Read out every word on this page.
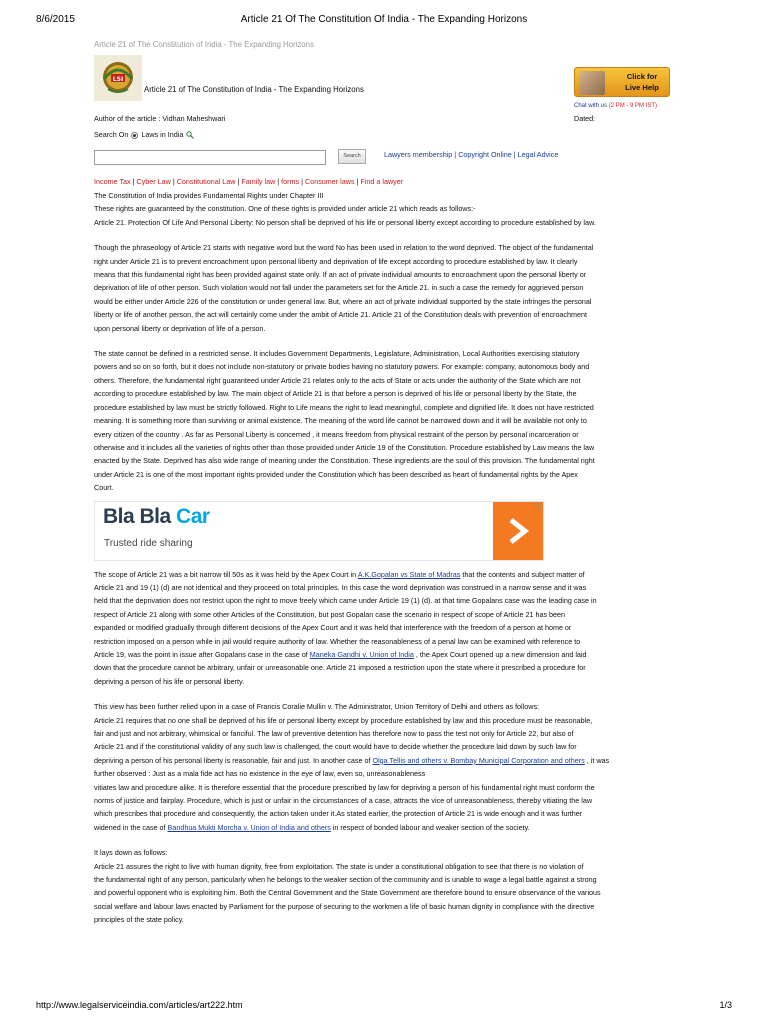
8/6/2015	Article 21 Of The Constitution Of India - The Expanding Horizons
Article 21 of The Constitution of India - The Expanding Horizons
LSI
Article 21 of The Constitution of India - The Expanding Horizons
Click for
Live Help
Chat with us (2 PM - 9 PM IST)
Author of the article : Vidhan Maheshwari	Dated:
Search On Laws in India
Search	Lawyers membership | Copyright Online | Legal Advice
Income Tax | Cyber Law | Constitutional Law | Family law | forms | Consumer laws | Find a lawyer

The Constitution of India provides Fundamental Rights under Chapter III

These rights are guaranteed by the constitution. One of these rights is provided under article 21 which reads as follows:-

Article 21. Protection Of Life And Personal Liberty: No person shall be deprived of his life or personal liberty except according to procedure established by law.

Though the phraseology of Article 21 starts with negative word but the word No has been used in relation to the word deprived. The object of the fundamental

right under Article 21 is to prevent encroachment upon personal liberty and deprivation of life except according to procedure established by law. It clearly

means that this fundamental right has been provided against state only. If an act of private individual amounts to encroachment upon the personal liberty or

deprivation of life of other person. Such violation would not fall under the parameters set for the Article 21. in such a case the remedy for aggrieved person

would be either under Article 226 of the constitution or under general law. But, where an act of private individual supported by the state infringes the personal

liberty or life of another person, the act will certainly come under the ambit of Article 21. Article 21 of the Constitution deals with prevention of encroachment

upon personal liberty or deprivation of life of a person.

The state cannot be defined in a restricted sense. It includes Government Departments, Legislature, Administration, Local Authorities exercising statutory

powers and so on so forth, but it does not include non-statutory or private bodies having no statutory powers. For example: company, autonomous body and

others. Therefore, the fundamental right guaranteed under Article 21 relates only to the acts of State or acts under the authority of the State which are not

according to procedure established by law. The main object of Article 21 is that before a person is deprived of his life or personal liberty by the State, the

procedure established by law must be strictly followed. Right to Life means the right to lead meaningful, complete and dignified life. It does not have restricted

meaning. It is something more than surviving or animal existence. The meaning of the word life cannot be narrowed down and it will be available not only to

every citizen of the country . As far as Personal Liberty is concerned , it means freedom from physical restraint of the person by personal incarceration or

otherwise and it includes all the varieties of rights other than those provided under Article 19 of the Constitution. Procedure established by Law means the law

enacted by the State. Deprived has also wide range of meaning under the Constitution. These ingredients are the soul of this provision. The fundamental right

under Article 21 is one of the most important rights provided under the Constitution which has been described as heart of fundamental rights by the Apex

Court.

Bla Bla Car
Trusted ride sharing
ⓘ

The scope of Article 21 was a bit narrow till 50s as it was held by the Apex Court in A.K.Gopalan vs State of Madras that the contents and subject matter of

Article 21 and 19 (1) (d) are not identical and they proceed on total principles. In this case the word deprivation was construed in a narrow sense and it was

held that the deprivation does not restrict upon the right to move freely which came under Article 19 (1) (d). at that time Gopalans case was the leading case in

respect of Article 21 along with some other Articles of the Constitution, but post Gopalan case the scenario in respect of scope of Article 21 has been

expanded or modified gradually through different decisions of the Apex Court and it was held that interference with the freedom of a person at home or

restriction imposed on a person while in jail would require authority of law. Whether the reasonableness of a penal law can be examined with reference to

Article 19, was the point in issue after Gopalans case in the case of Maneka Gandhi v. Union of India , the Apex Court opened up a new dimension and laid

down that the procedure cannot be arbitrary, unfair or unreasonable one. Article 21 imposed a restriction upon the state where it prescribed a procedure for

depriving a person of his life or personal liberty.

This view has been further relied upon in a case of Francis Coralie Mullin v. The Administrator, Union Territory of Delhi and others as follows:

Article 21 requires that no one shall be deprived of his life or personal liberty except by procedure established by law and this procedure must be reasonable,

fair and just and not arbitrary, whimsical or fanciful. The law of preventive detention has therefore now to pass the test not only for Article 22, but also of

Article 21 and if the constitutional validity of any such law is challenged, the court would have to decide whether the procedure laid down by such law for

depriving a person of his personal liberty is reasonable, fair and just. In another case of Olga Tellis and others v. Bombay Municipal Corporation and others , it was

further observed : Just as a mala fide act has no existence in the eye of law, even so, unreasonableness

vitiates law and procedure alike. It is therefore essential that the procedure prescribed by law for depriving a person of his fundamental right must conform the

norms of justice and fairplay. Procedure, which is just or unfair in the circumstances of a case, attracts the vice of unreasonableness, thereby vitiating the law

which prescribes that procedure and consequently, the action taken under it.As stated earlier, the protection of Article 21 is wide enough and it was further

widened in the case of Bandhua Mukti Morcha v. Union of India and others in respect of bonded labour and weaker section of the society.

It lays down as follows:

Article 21 assures the right to live with human dignity, free from exploitation. The state is under a constitutional obligation to see that there is no violation of

the fundamental right of any person, particularly when he belongs to the weaker section of the community and is unable to wage a legal battle against a strong

and powerful opponent who is exploiting him. Both the Central Government and the State Government are therefore bound to ensure observance of the various

social welfare and labour laws enacted by Parliament for the purpose of securing to the workmen a life of basic human dignity in compliance with the directive

principles of the state policy.

http://www.legalserviceindia.com/articles/art222.htm	1/3
